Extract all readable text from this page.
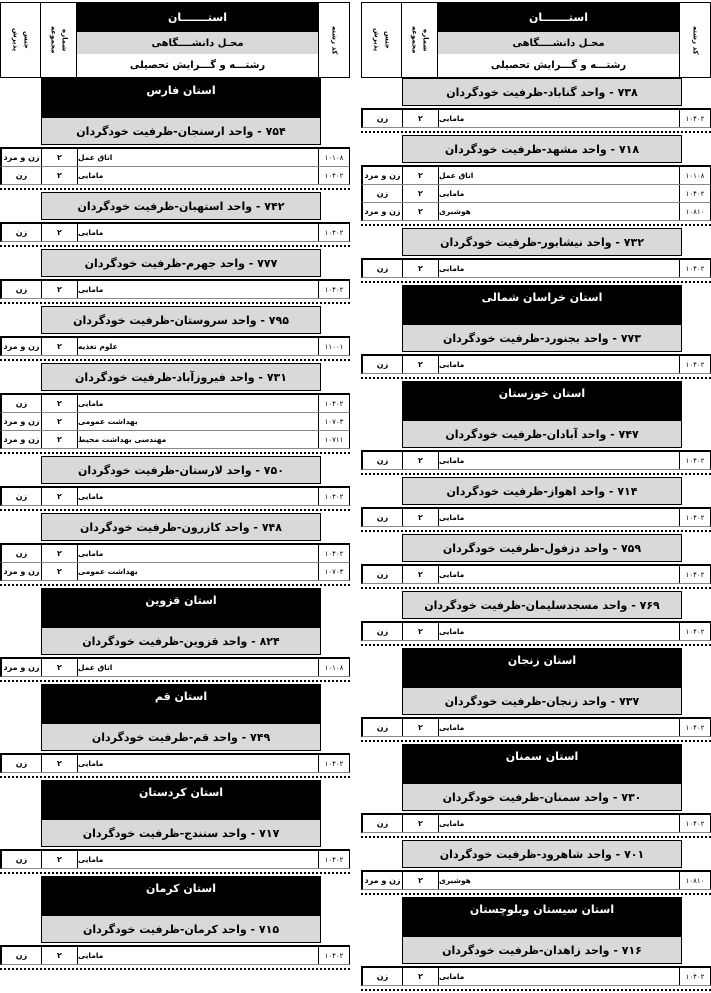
پذیرش جنس	مجموعه شماره
استـــــــان
محـل دانشــــگاهی
رشتـــه و گـــرایش تحصیلی
کد رشته
استان فارس
۷۵۴ - واحد ارسنجان-ظرفیت خودگردان
زن و مرد	۲	اتاق عمل	۱۰۱۰۸
زن	۲	مامایی	۱۰۴۰۲
۷۴۲ - واحد استهبان-ظرفیت خودگردان
زن	۲	مامایی	۱۰۴۰۲
۷۷۷ - واحد جهرم-ظرفیت خودگردان
زن	۲	مامایی	۱۰۴۰۲
۷۹۵ - واحد سروستان-ظرفیت خودگردان
زن و مرد	۲	علوم تغذیه	۱۱۰۰۱
۷۳۱ - واحد فیروزآباد-ظرفیت خودگردان
زن	۲	مامایی	۱۰۴۰۲
زن و مرد	۲	بهداشت عمومی	۱۰۷۰۳
زن و مرد	۲	مهندسی بهداشت محیط	۱۰۷۱۱
۷۵۰ - واحد لارستان-ظرفیت خودگردان
زن	۲	مامایی	۱۰۴۰۲
۷۴۸ - واحد کازرون-ظرفیت خودگردان
زن	۲	مامایی	۱۰۴۰۲
زن و مرد	۲	بهداشت عمومی	۱۰۷۰۳
استان قزوین
۸۲۴ - واحد قزوین-ظرفیت خودگردان
زن و مرد	۲	اتاق عمل	۱۰۱۰۸
استان قم
۷۴۹ - واحد قم-ظرفیت خودگردان
زن	۲	مامایی	۱۰۴۰۲
استان کردستان
۷۱۷ - واحد سنندج-ظرفیت خودگردان
زن	۲	مامایی	۱۰۴۰۲
استان کرمان
۷۱۵ - واحد کرمان-ظرفیت خودگردان
زن	۲	مامایی	۱۰۴۰۲
پذیرش جنس	مجموعه شماره
استـــــــان
محـل دانشــــگاهی
رشتـــه و گـــرایش تحصیلی
کد رشته
۷۳۸ - واحد گناباد-ظرفیت خودگردان
زن	۲	مامایی	۱۰۴۰۲
۷۱۸ - واحد مشهد-ظرفیت خودگردان
زن و مرد	۲	اتاق عمل	۱۰۱۰۸
زن	۲	مامایی	۱۰۴۰۲
زن و مرد	۲	هوشبری	۱۰۸۱۰
۷۳۲ - واحد نیشابور-ظرفیت خودگردان
زن	۲	مامایی	۱۰۴۰۲
استان خراسان شمالی
۷۷۳ - واحد بجنورد-ظرفیت خودگردان
زن	۲	مامایی	۱۰۴۰۲
استان خوزستان
۷۴۷ - واحد آبادان-ظرفیت خودگردان
زن	۲	مامایی	۱۰۴۰۲
۷۱۴ - واحد اهواز-ظرفیت خودگردان
زن	۲	مامایی	۱۰۴۰۲
۷۵۹ - واحد دزفول-ظرفیت خودگردان
زن	۲	مامایی	۱۰۴۰۲
۷۶۹ - واحد مسجدسلیمان-ظرفیت خودگردان
زن	۲	مامایی	۱۰۴۰۲
استان زنجان
۷۳۷ - واحد زنجان-ظرفیت خودگردان
زن	۲	مامایی	۱۰۴۰۲
استان سمنان
۷۳۰ - واحد سمنان-ظرفیت خودگردان
زن	۲	مامایی	۱۰۴۰۲
۷۰۱ - واحد شاهرود-ظرفیت خودگردان
زن و مرد	۲	هوشبری	۱۰۸۱۰
استان سیستان وبلوچستان
۷۱۶ - واحد زاهدان-ظرفیت خودگردان
زن	۲	مامایی	۱۰۴۰۲
